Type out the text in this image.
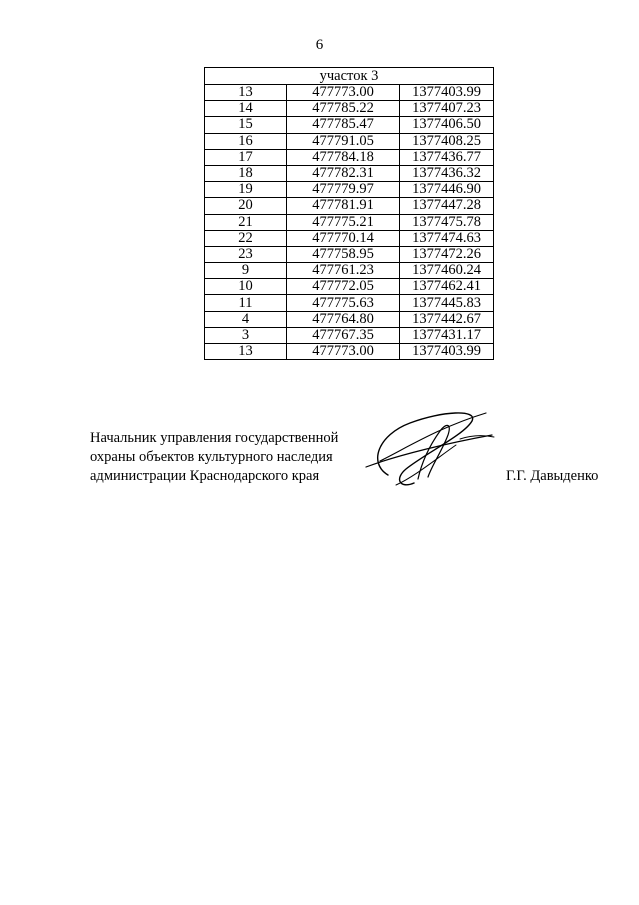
6
участок 3		
13	477773.00	1377403.99
14	477785.22	1377407.23
15	477785.47	1377406.50
16	477791.05	1377408.25
17	477784.18	1377436.77
18	477782.31	1377436.32
19	477779.97	1377446.90
20	477781.91	1377447.28
21	477775.21	1377475.78
22	477770.14	1377474.63
23	477758.95	1377472.26
9	477761.23	1377460.24
10	477772.05	1377462.41
11	477775.63	1377445.83
4	477764.80	1377442.67
3	477767.35	1377431.17
13	477773.00	1377403.99
Начальник управления государственной
охраны объектов культурного наследия
администрации Краснодарского края	Г.Г. Давыденко
